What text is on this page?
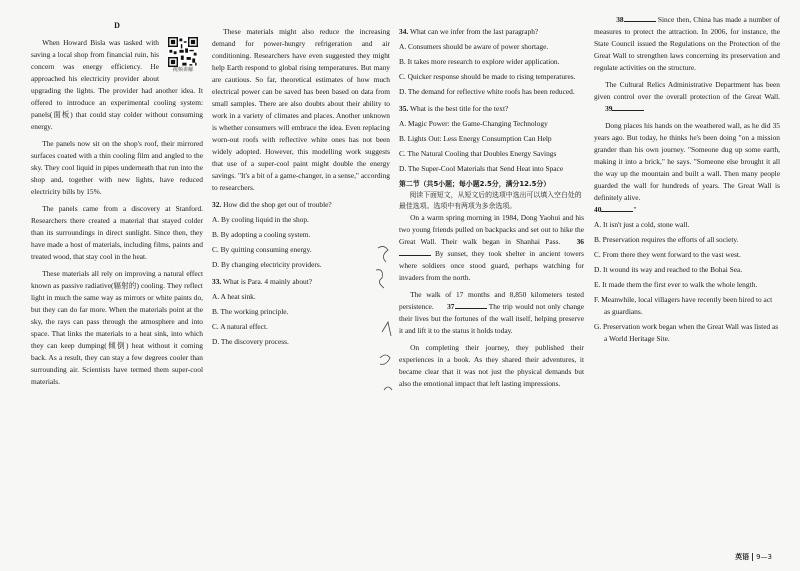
D
视频讲解

When Howard Bisla was tasked with saving a local shop from financial ruin, his concern was energy efficiency. He approached his electricity provider about upgrading the lights. The provider had another idea. It offered to introduce an experimental cooling system: panels(面板) that could stay colder without consuming energy.

The panels now sit on the shop's roof, their mirrored surfaces coated with a thin cooling film and angled to the sky. They cool liquid in pipes underneath that run into the shop and, together with new lights, have reduced electricity bills by 15%.

The panels came from a discovery at Stanford. Researchers there created a material that stayed colder than its surroundings in direct sunlight. Since then, they have made a host of materials, including films, paints and treated wood, that stay cool in the heat.

These materials all rely on improving a natural effect known as passive radiative(辐射的) cooling. They reflect light in much the same way as mirrors or white paints do, but they can do far more. When the materials point at the sky, the rays can pass through the atmosphere and into space. That links the materials to a heat sink, into which they can keep dumping(倾倒) heat without it coming back. As a result, they can stay a few degrees cooler than surrounding air. Scientists have termed them super-cool materials.

These materials might also reduce the increasing demand for power-hungry refrigeration and air conditioning. Researchers have even suggested they might help Earth respond to global rising temperatures. But many are cautious. So far, theoretical estimates of how much electrical power can be saved has been based on data from small samples. There are also doubts about their ability to work in a variety of climates and places. Another unknown is whether consumers will embrace the idea. Even replacing worn-out roofs with reflective white ones has not been widely adopted. However, this modelling work suggests that use of a super-cool paint might double the energy savings. "It's a bit of a game-changer, in a sense," according to researchers.

32. How did the shop get out of trouble?
A. By cooling liquid in the shop.
B. By adopting a cooling system.
C. By quitting consuming energy.
D. By changing electricity providers.
33. What is Para. 4 mainly about?
A. A heat sink.
B. The working principle.
C. A natural effect.
D. The discovery process.
34. What can we infer from the last paragraph?
A. Consumers should be aware of power shortage.
B. It takes more research to explore wider application.
C. Quicker response should be made to rising temperatures.
D. The demand for reflective white roofs has been reduced.
35. What is the best title for the text?
A. Magic Power: the Game-Changing Technology
B. Lights Out: Less Energy Consumption Can Help
C. The Natural Cooling that Doubles Energy Savings
D. The Super-Cool Materials that Send Heat into Space
第二节（共5小题；每小题2.5分，满分12.5分）
阅读下面短文，从短文后的选项中选出可以填入空白处的最佳选项。选项中有两项为多余选项。

On a warm spring morning in 1984, Dong Yaohui and his two young friends pulled on backpacks and set out to hike the Great Wall. Their walk began in Shanhai Pass. 36 By sunset, they took shelter in ancient towers where soldiers once stood guard, perhaps watching for invaders from the north.

The walk of 17 months and 8,850 kilometers tested persistence. 37	The trip would not only change their lives but the fortunes of the wall itself, helping preserve it and lift it to the status it holds today.

On completing their journey, they published their experiences in a book. As they shared their adventures, it became clear that it was not just the physical demands but also the emotional impact that left lasting impressions.

38	Since then, China has made a number of measures to protect the attraction. In 2006, for instance, the State Council issued the Regulations on the Protection of the Great Wall to strengthen laws concerning its preservation and regulate activities on the structure.

The Cultural Relics Administrative Department has been given control over the overall protection of the Great Wall. 39

Dong places his hands on the weathered wall, as he did 35 years ago. But today, he thinks he's been doing "on a mission grander than his own journey. "Someone dug up some earth, making it into a brick," he says. "Someone else brought it all the way up the mountain and built a wall. Then many people guarded the wall for hundreds of years. The Great Wall is definitely alive.

40	"

A. It isn't just a cold, stone wall.
B. Preservation requires the efforts of all society.
C. From there they went forward to the vast west.
D. It wound its way and reached to the Bohai Sea.
E. It made them the first ever to walk the whole length.
F. Meanwhile, local villagers have recently been hired to act as guardians.
G. Preservation work began when the Great Wall was listed as a World Heritage Site.
英语 9—3
